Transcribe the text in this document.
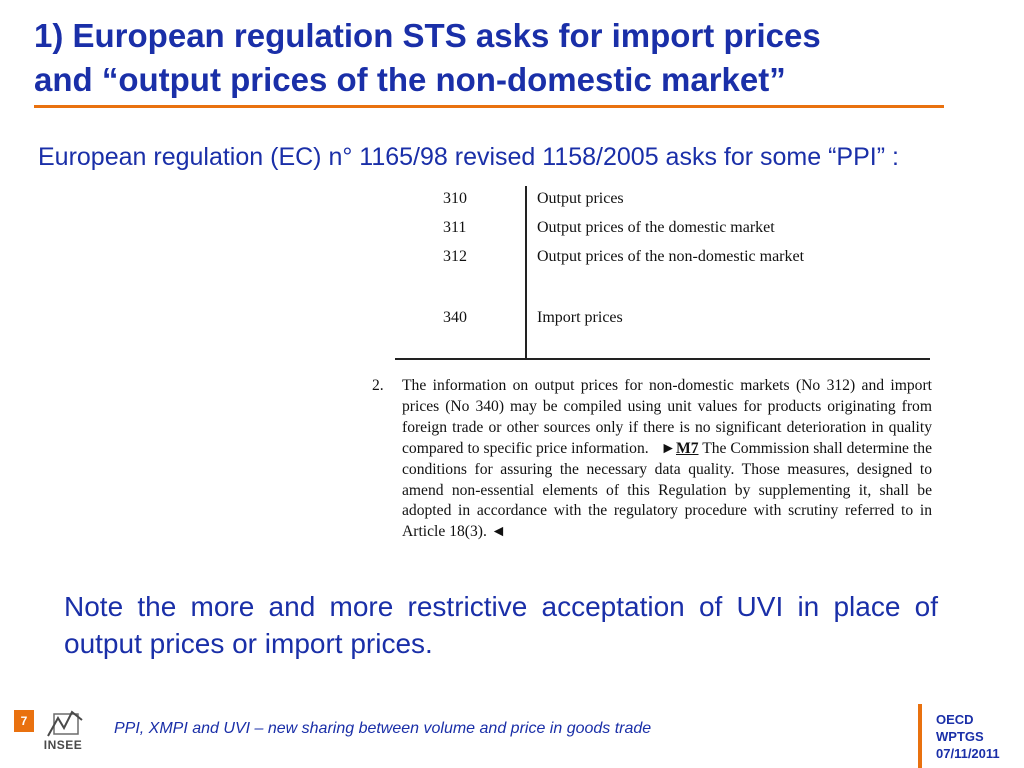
1) European regulation STS asks for import prices
and “output prices of the non-domestic market”
European regulation (EC) n° 1165/98 revised 1158/2005 asks for some “PPI” :
310	Output prices
311	Output prices of the domestic market
312	Output prices of the non-domestic market
340	Import prices
2. The information on output prices for non-domestic markets (No 312) and import prices (No 340) may be compiled using unit values for products originating from foreign trade or other sources only if there is no significant deterioration in quality compared to specific price information. ►M7 The Commission shall determine the conditions for assuring the necessary data quality. Those measures, designed to amend non-essential elements of this Regulation by supplementing it, shall be adopted in accordance with the regulatory procedure with scrutiny referred to in Article 18(3). ◄
Note the more and more restrictive acceptation of UVI in place of output prices or import prices.
7
INSEE
PPI, XMPI and UVI – new sharing between volume and price in goods trade
OECD
WPTGS
07/11/2011
